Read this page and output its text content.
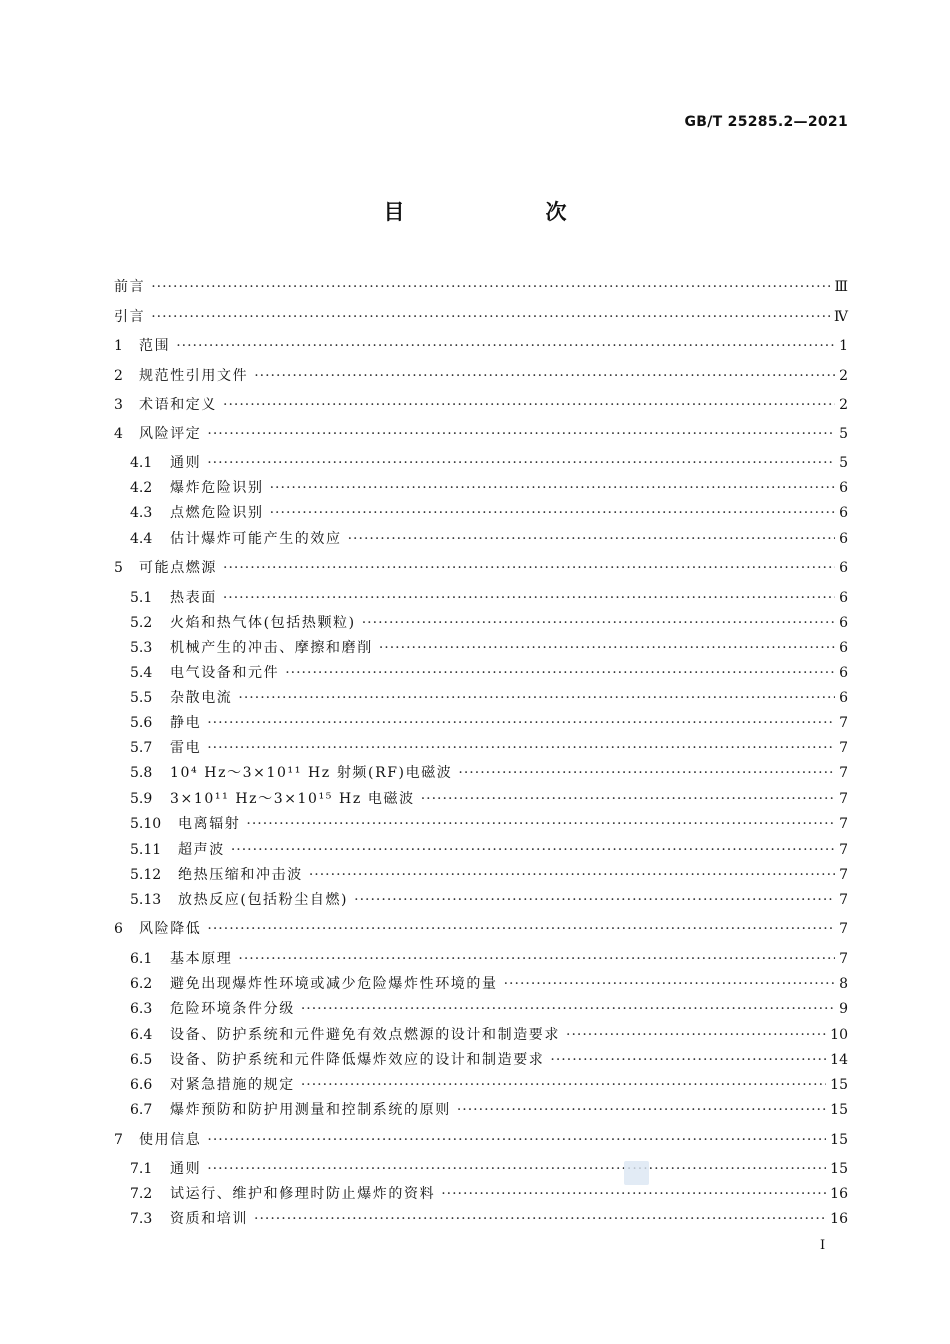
GB/T 25285.2—2021
目　次
前言 ·····	Ⅲ
引言 ·····	Ⅳ
1	范围 ·····	1
2	规范性引用文件 ·····	2
3	术语和定义 ·····	2
4	风险评定 ·····	5
4.1	通则 ·····	5
4.2	爆炸危险识别 ·····	6
4.3	点燃危险识别 ·····	6
4.4	估计爆炸可能产生的效应 ·····	6
5	可能点燃源 ·····	6
5.1	热表面 ·····	6
5.2	火焰和热气体(包括热颗粒) ·····	6
5.3	机械产生的冲击、摩擦和磨削 ·····	6
5.4	电气设备和元件 ·····	6
5.5	杂散电流 ·····	6
5.6	静电 ·····	7
5.7	雷电 ·····	7
5.8	10⁴ Hz～3×10¹¹ Hz 射频(RF)电磁波 ·····	7
5.9	3×10¹¹ Hz～3×10¹⁵ Hz 电磁波 ·····	7
5.10	电离辐射 ·····	7
5.11	超声波 ·····	7
5.12	绝热压缩和冲击波 ·····	7
5.13	放热反应(包括粉尘自燃) ·····	7
6	风险降低 ·····	7
6.1	基本原理 ·····	7
6.2	避免出现爆炸性环境或减少危险爆炸性环境的量 ·····	8
6.3	危险环境条件分级 ·····	9
6.4	设备、防护系统和元件避免有效点燃源的设计和制造要求 ·····	10
6.5	设备、防护系统和元件降低爆炸效应的设计和制造要求 ·····	14
6.6	对紧急措施的规定 ·····	15
6.7	爆炸预防和防护用测量和控制系统的原则 ·····	15
7	使用信息 ·····	15
7.1	通则 ·····	15
7.2	试运行、维护和修理时防止爆炸的资料 ·····	16
7.3	资质和培训 ·····	16
I
